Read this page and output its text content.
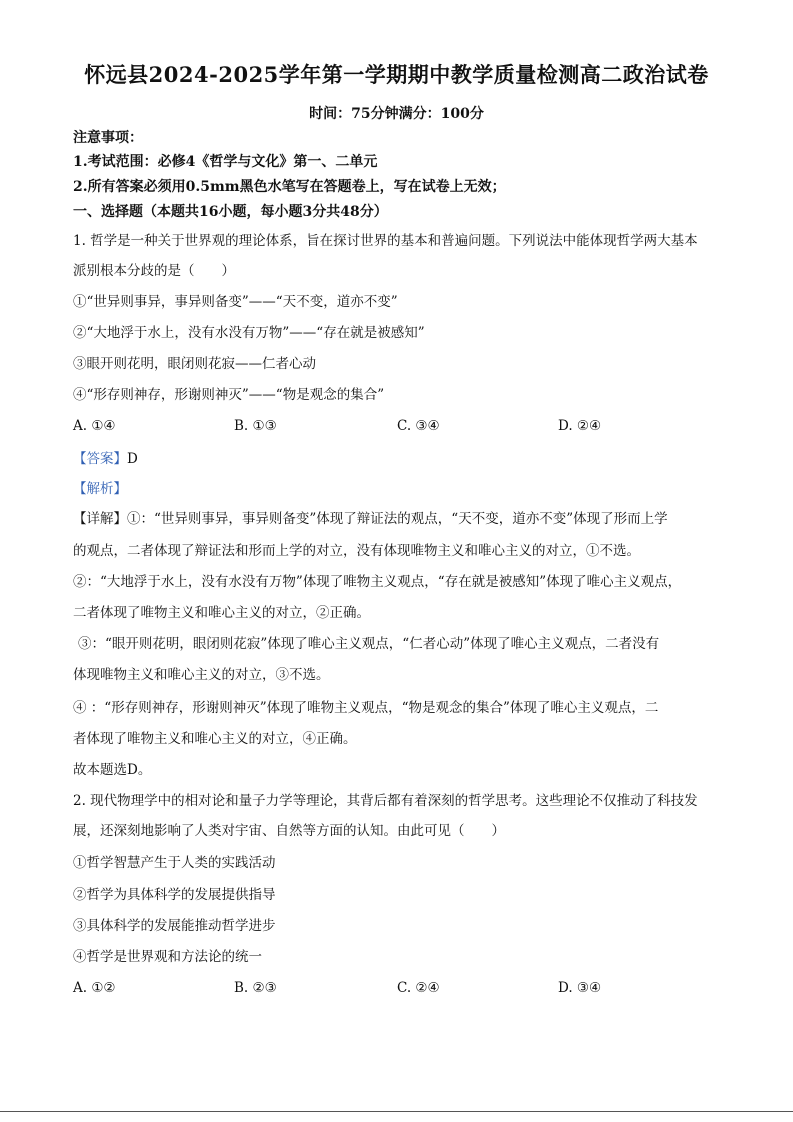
怀远县2024-2025学年第一学期期中教学质量检测高二政治试卷
时间：75分钟满分：100分
注意事项：
1.考试范围：必修4《哲学与文化》第一、二单元
2.所有答案必须用0.5mm黑色水笔写在答题卷上，写在试卷上无效；
一、选择题（本题共16小题，每小题3分共48分）
1. 哲学是一种关于世界观的理论体系，旨在探讨世界的基本和普遍问题。下列说法中能体现哲学两大基本
派别根本分歧的是（　　）
①“世异则事异，事异则备变”——“天不变，道亦不变”
②“大地浮于水上，没有水没有万物”——“存在就是被感知”
③眼开则花明，眼闭则花寂——仁者心动
④“形存则神存，形谢则神灭”——“物是观念的集合”
A. ①④	B. ①③	C. ③④	D. ②④
【答案】D
【解析】
【详解】①：“世异则事异，事异则备变”体现了辩证法的观点，“天不变，道亦不变”体现了形而上学
的观点，二者体现了辩证法和形而上学的对立，没有体现唯物主义和唯心主义的对立，①不选。
②：“大地浮于水上，没有水没有万物”体现了唯物主义观点，“存在就是被感知”体现了唯心主义观点，
二者体现了唯物主义和唯心主义的对立，②正确。
③：“眼开则花明，眼闭则花寂”体现了唯心主义观点，“仁者心动”体现了唯心主义观点，二者没有
体现唯物主义和唯心主义的对立，③不选。
④ ：“形存则神存，形谢则神灭”体现了唯物主义观点，“物是观念的集合”体现了唯心主义观点，二
者体现了唯物主义和唯心主义的对立，④正确。
故本题选D。
2. 现代物理学中的相对论和量子力学等理论，其背后都有着深刻的哲学思考。这些理论不仅推动了科技发
展，还深刻地影响了人类对宇宙、自然等方面的认知。由此可见（　　）
①哲学智慧产生于人类的实践活动
②哲学为具体科学的发展提供指导
③具体科学的发展能推动哲学进步
④哲学是世界观和方法论的统一
A. ①②	B. ②③	C. ②④	D. ③④
